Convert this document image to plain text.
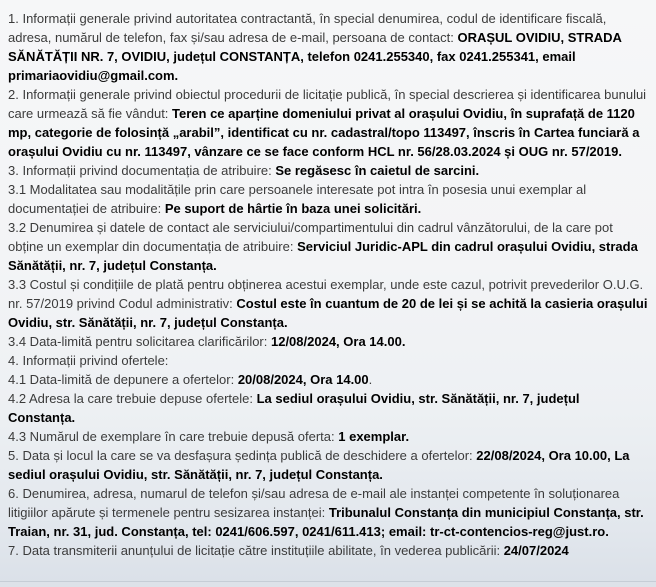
1. Informații generale privind autoritatea contractantă, în special denumirea, codul de identificare fiscală, adresa, numărul de telefon, fax și/sau adresa de e-mail, persoana de contact: ORAȘUL OVIDIU, STRADA SĂNĂTĂȚII NR. 7, OVIDIU, județul CONSTANȚA, telefon 0241.255340, fax 0241.255341, email primariaovidiu@gmail.com.

2. Informații generale privind obiectul procedurii de licitație publică, în special descrierea și identificarea bunului care urmează să fie vândut: Teren ce aparține domeniului privat al orașului Ovidiu, în suprafață de 1120 mp, categorie de folosință „arabil”, identificat cu nr. cadastral/topo 113497, înscris în Cartea funciară a orașului Ovidiu cu nr. 113497, vânzare ce se face conform HCL nr. 56/28.03.2024 și OUG nr. 57/2019.

3. Informații privind documentația de atribuire: Se regăsesc în caietul de sarcini.

3.1 Modalitatea sau modalitățile prin care persoanele interesate pot intra în posesia unui exemplar al documentației de atribuire: Pe suport de hârtie în baza unei solicitări.

3.2 Denumirea și datele de contact ale serviciului/compartimentului din cadrul vânzătorului, de la care pot obține un exemplar din documentația de atribuire: Serviciul Juridic-APL din cadrul orașului Ovidiu, strada Sănătății, nr. 7, județul Constanța.

3.3 Costul și condițiile de plată pentru obținerea acestui exemplar, unde este cazul, potrivit prevederilor O.U.G. nr. 57/2019 privind Codul administrativ: Costul este în cuantum de 20 de lei și se achită la casieria orașului Ovidiu, str. Sănătății, nr. 7, județul Constanța.

3.4 Data-limită pentru solicitarea clarificărilor: 12/08/2024, Ora 14.00.

4. Informații privind ofertele:

4.1 Data-limită de depunere a ofertelor: 20/08/2024, Ora 14.00.

4.2 Adresa la care trebuie depuse ofertele: La sediul orașului Ovidiu, str. Sănătății, nr. 7, județul Constanța.

4.3 Numărul de exemplare în care trebuie depusă oferta: 1 exemplar.

5. Data și locul la care se va desfașura ședința publică de deschidere a ofertelor: 22/08/2024, Ora 10.00, La sediul orașului Ovidiu, str. Sănătății, nr. 7, județul Constanța.

6. Denumirea, adresa, numarul de telefon și/sau adresa de e-mail ale instanței competente în soluționarea litigiilor apărute și termenele pentru sesizarea instanței: Tribunalul Constanța din municipiul Constanța, str. Traian, nr. 31, jud. Constanța, tel: 0241/606.597, 0241/611.413; email: tr-ct-contencios-reg@just.ro.

7. Data transmiterii anunțului de licitație către instituțiile abilitate, în vederea publicării: 24/07/2024
